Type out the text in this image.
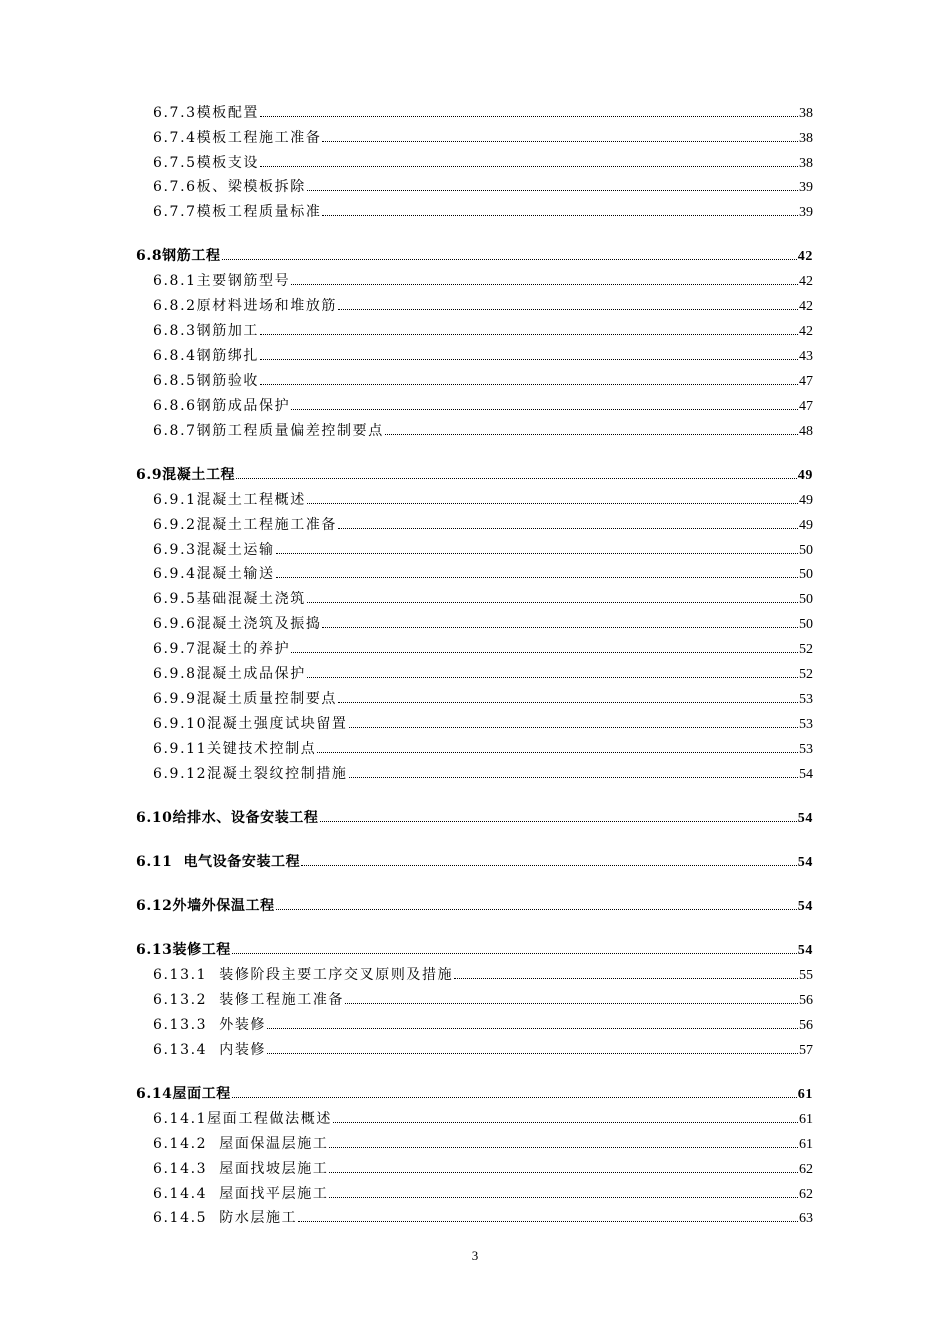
6.7.3模板配置	38
6.7.4模板工程施工准备	38
6.7.5模板支设	38
6.7.6板、梁模板拆除	39
6.7.7模板工程质量标准	39
6.8钢筋工程	42
6.8.1主要钢筋型号	42
6.8.2原材料进场和堆放筋	42
6.8.3钢筋加工	42
6.8.4钢筋绑扎	43
6.8.5钢筋验收	47
6.8.6钢筋成品保护	47
6.8.7钢筋工程质量偏差控制要点	48
6.9混凝土工程	49
6.9.1混凝土工程概述	49
6.9.2混凝土工程施工准备	49
6.9.3混凝土运输	50
6.9.4混凝土输送	50
6.9.5基础混凝土浇筑	50
6.9.6混凝土浇筑及振捣	50
6.9.7混凝土的养护	52
6.9.8混凝土成品保护	52
6.9.9混凝土质量控制要点	53
6.9.10混凝土强度试块留置	53
6.9.11关键技术控制点	53
6.9.12混凝土裂纹控制措施	54
6.10给排水、设备安装工程	54
6.11  电气设备安装工程	54
6.12外墙外保温工程	54
6.13装修工程	54
6.13.1  装修阶段主要工序交叉原则及措施	55
6.13.2  装修工程施工准备	56
6.13.3  外装修	56
6.13.4  内装修	57
6.14屋面工程	61
6.14.1屋面工程做法概述	61
6.14.2  屋面保温层施工	61
6.14.3  屋面找坡层施工	62
6.14.4  屋面找平层施工	62
6.14.5  防水层施工	63
3
